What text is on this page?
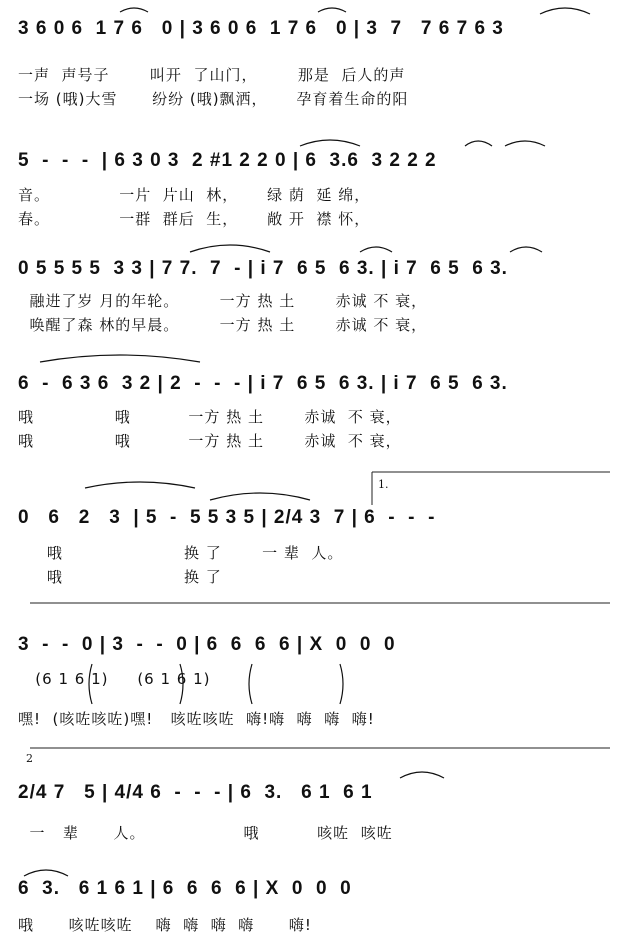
3 6 0 6  1 7 6   0 | 3 6 0 6  1 7 6   0 | 3  7   7 6 7 6 3
一声  声号子       叫开  了山门，       那是  后人的声
一场 (哦)大雪      纷纷 (哦)飘洒，     孕育着生命的阳
5  -  -  -  | 6 3 0 3  2 #1 2 2 0 | 6  3.6  3 2 2 2
音。            一片  片山  林，     绿 荫  延 绵，
春。            一群  群后  生，     敞 开  襟 怀，
0 5 5 5 5  3 3 | 7 7.  7  - | i 7  6 5  6 3. | i 7  6 5  6 3.
融进了岁 月的年轮。       一方 热 土       赤诚 不 衰，
唤醒了森 林的早晨。       一方 热 土       赤诚 不 衰，
6  -  6 3 6  3 2 | 2  -  -  - | i 7  6 5  6 3. | i 7  6 5  6 3.
哦              哦          一方 热 土       赤诚  不 衰，
哦              哦          一方 热 土       赤诚  不 衰，
1.
0   6   2   3  | 5  -  5 5 3 5 | 2/4 3  7 | 6  -  -  -
哦                     换 了       一 辈  人。
哦                     换 了
3  -  -  0 | 3  -  -  0 | 6  6  6  6 | X  0  0  0
(6 1 6 1)     (6 1 6 1)
嘿!  (咳咗咳咗)嘿!   咳咗咳咗  嗨!嗨  嗨  嗨  嗨!
2
2/4 7   5 | 4/4 6  -  -  - | 6  3.   6 1  6 1
一   辈      人。                 哦          咳咗  咳咗
6  3.   6 1 6 1 | 6  6  6  6 | X  0  0  0
哦      咳咗咳咗    嗨  嗨  嗨  嗨      嗨!
